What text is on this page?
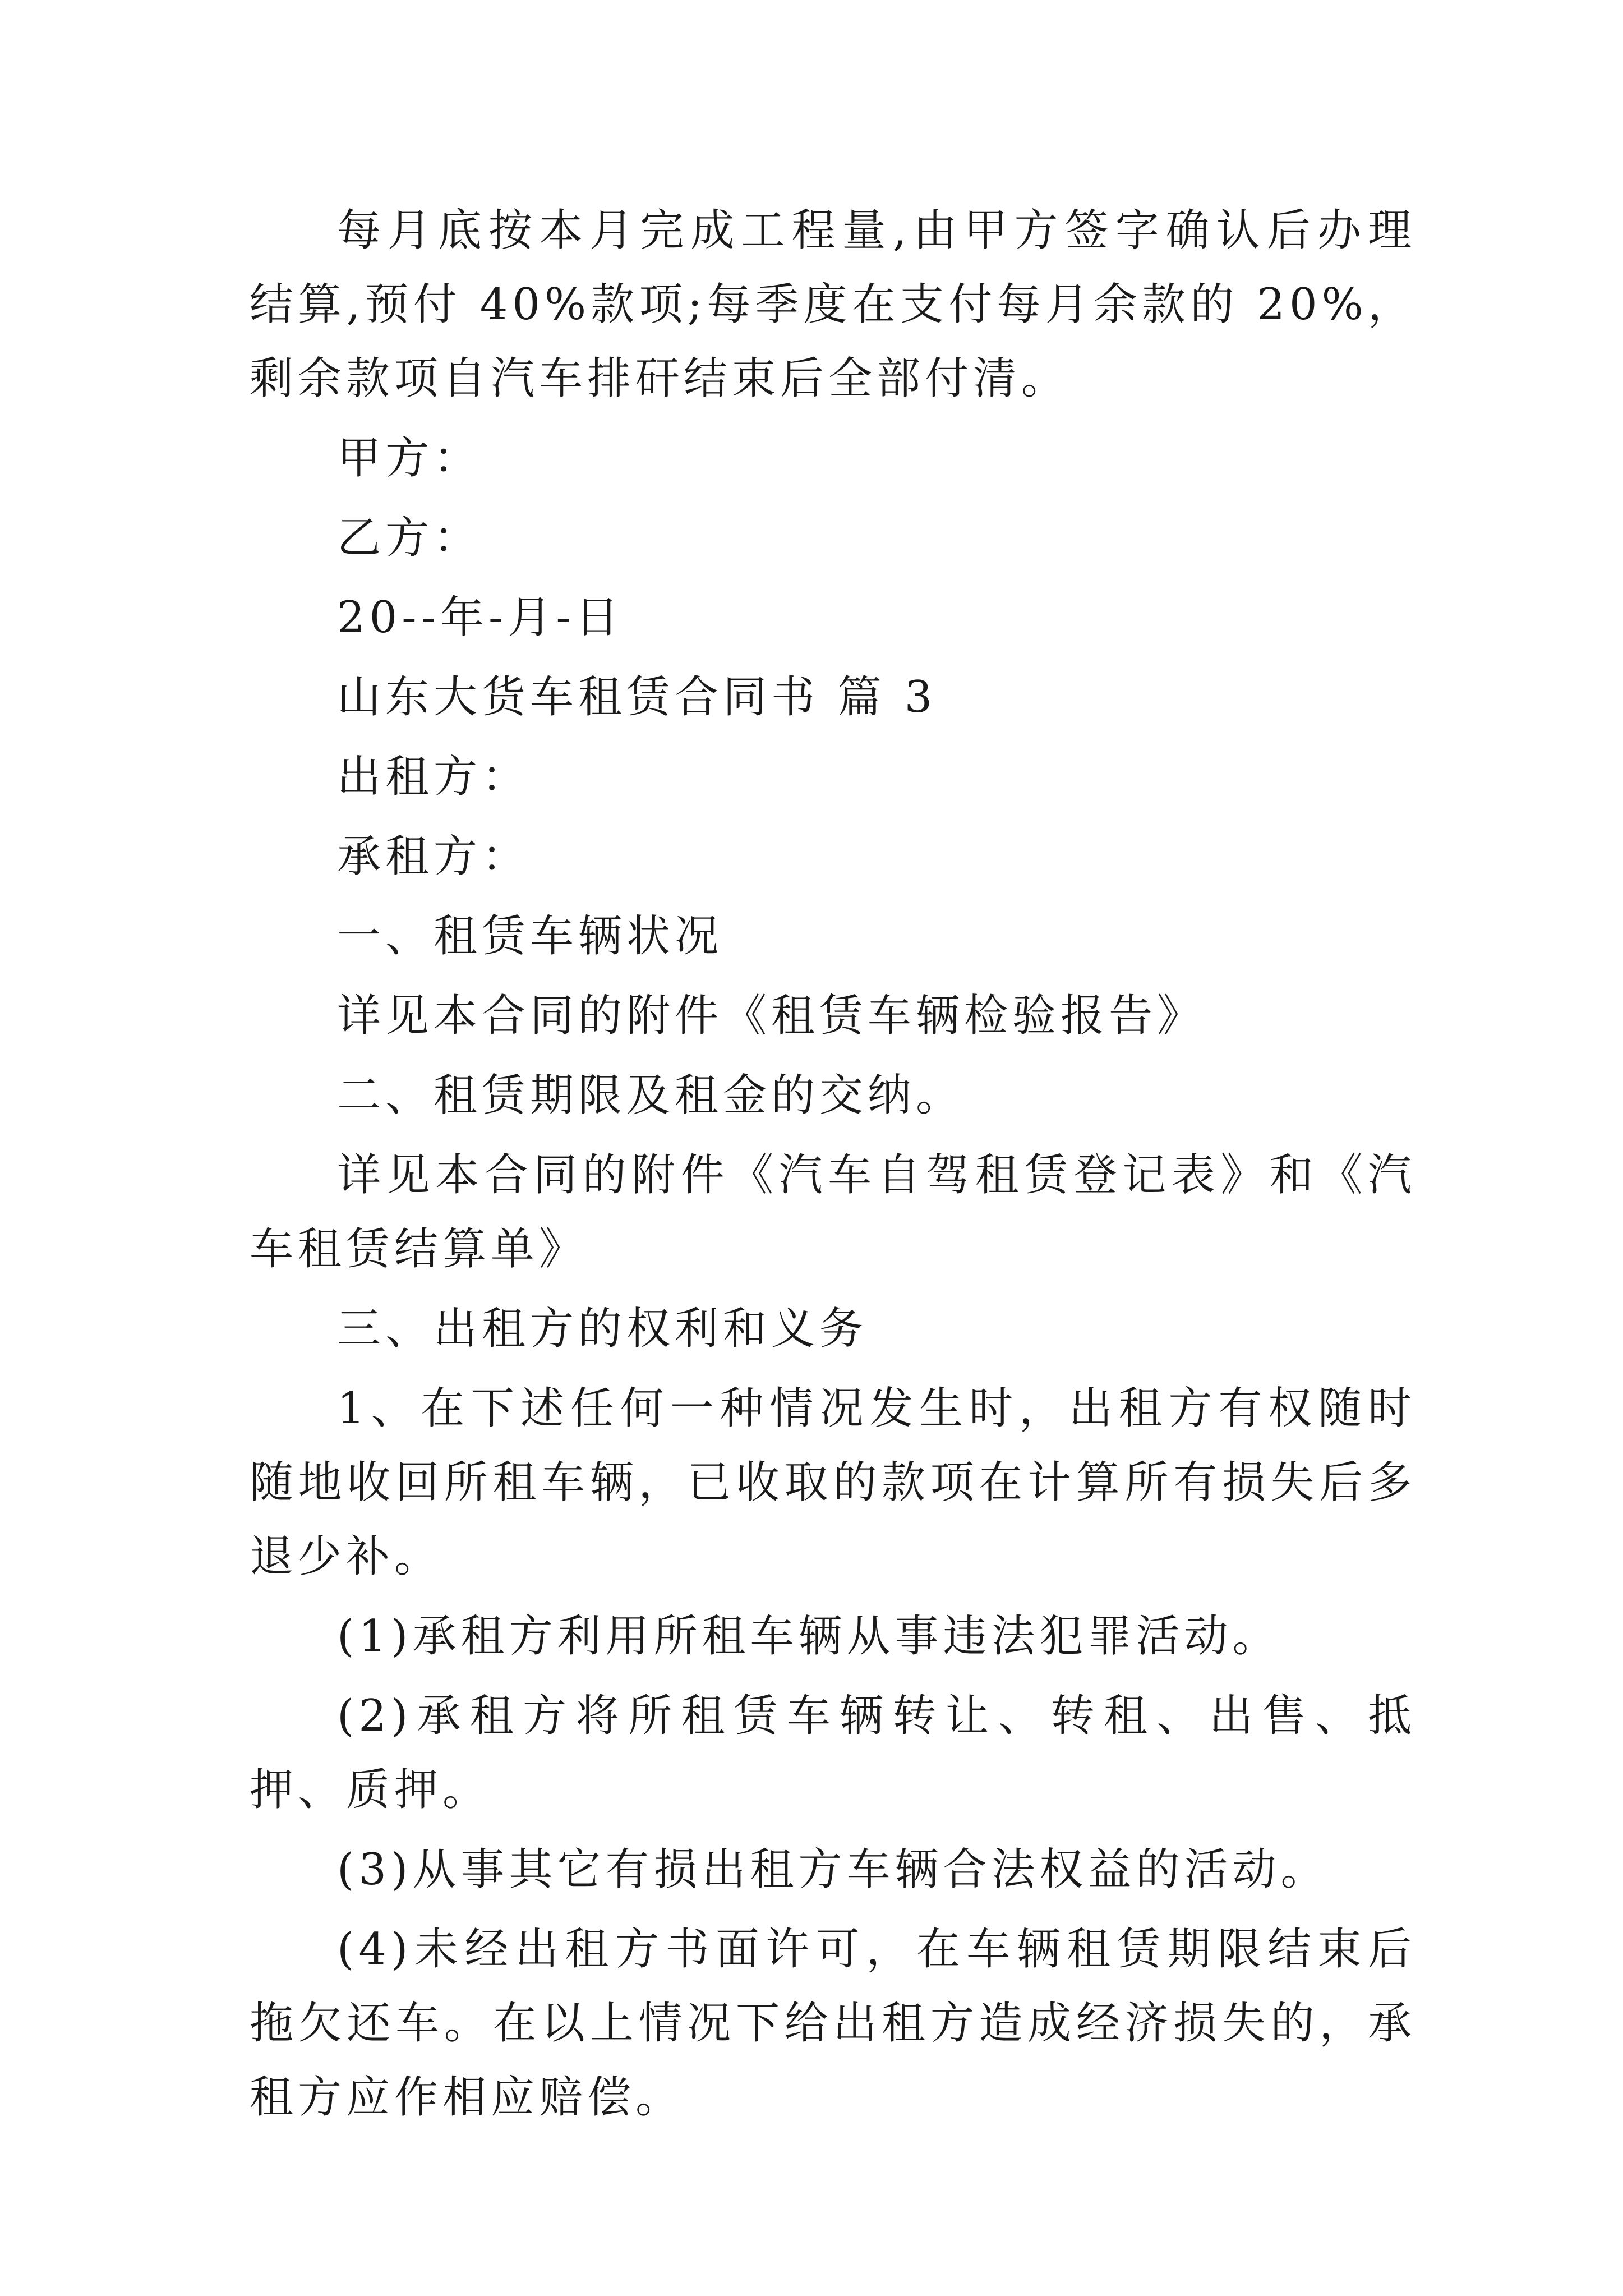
每月底按本月完成工程量,由甲方签字确认后办理结算,预付 40%款项;每季度在支付每月余款的 20%，剩余款项自汽车排矸结束后全部付清。

甲方：

乙方：

20--年-月-日

山东大货车租赁合同书 篇 3

出租方：

承租方：

一、租赁车辆状况

详见本合同的附件《租赁车辆检验报告》

二、租赁期限及租金的交纳。

详见本合同的附件《汽车自驾租赁登记表》和《汽车租赁结算单》

三、出租方的权利和义务

1、在下述任何一种情况发生时，出租方有权随时随地收回所租车辆，已收取的款项在计算所有损失后多退少补。

(1)承租方利用所租车辆从事违法犯罪活动。

(2)承租方将所租赁车辆转让、转租、出售、抵押、质押。

(3)从事其它有损出租方车辆合法权益的活动。

(4)未经出租方书面许可，在车辆租赁期限结束后拖欠还车。在以上情况下给出租方造成经济损失的，承租方应作相应赔偿。
